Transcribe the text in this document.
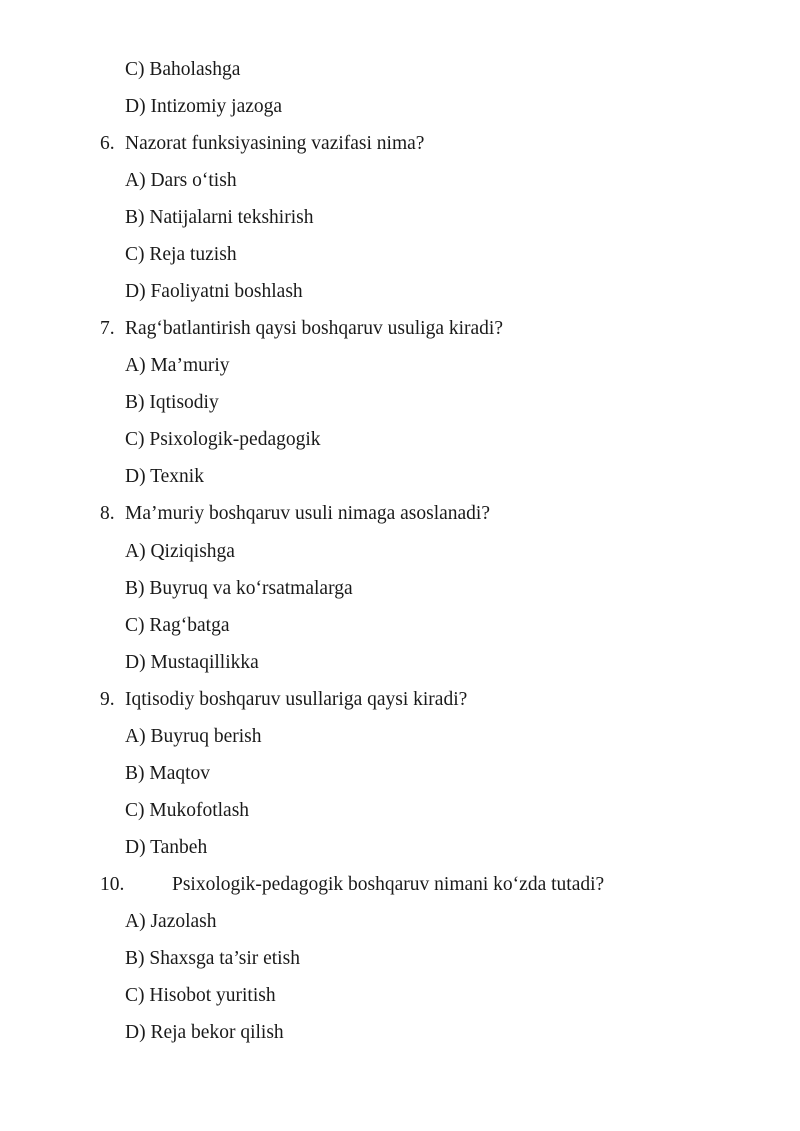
C) Baholashga
D) Intizomiy jazoga
6. Nazorat funksiyasining vazifasi nima?
A) Dars o‘tish
B) Natijalarni tekshirish
C) Reja tuzish
D) Faoliyatni boshlash
7. Rag‘batlantirish qaysi boshqaruv usuliga kiradi?
A) Ma’muriy
B) Iqtisodiy
C) Psixologik-pedagogik
D) Texnik
8. Ma’muriy boshqaruv usuli nimaga asoslanadi?
A) Qiziqishga
B) Buyruq va ko‘rsatmalarga
C) Rag‘batga
D) Mustaqillikka
9. Iqtisodiy boshqaruv usullariga qaysi kiradi?
A) Buyruq berish
B) Maqtov
C) Mukofotlash
D) Tanbeh
10. Psixologik-pedagogik boshqaruv nimani ko‘zda tutadi?
A) Jazolash
B) Shaxsga ta’sir etish
C) Hisobot yuritish
D) Reja bekor qilish
